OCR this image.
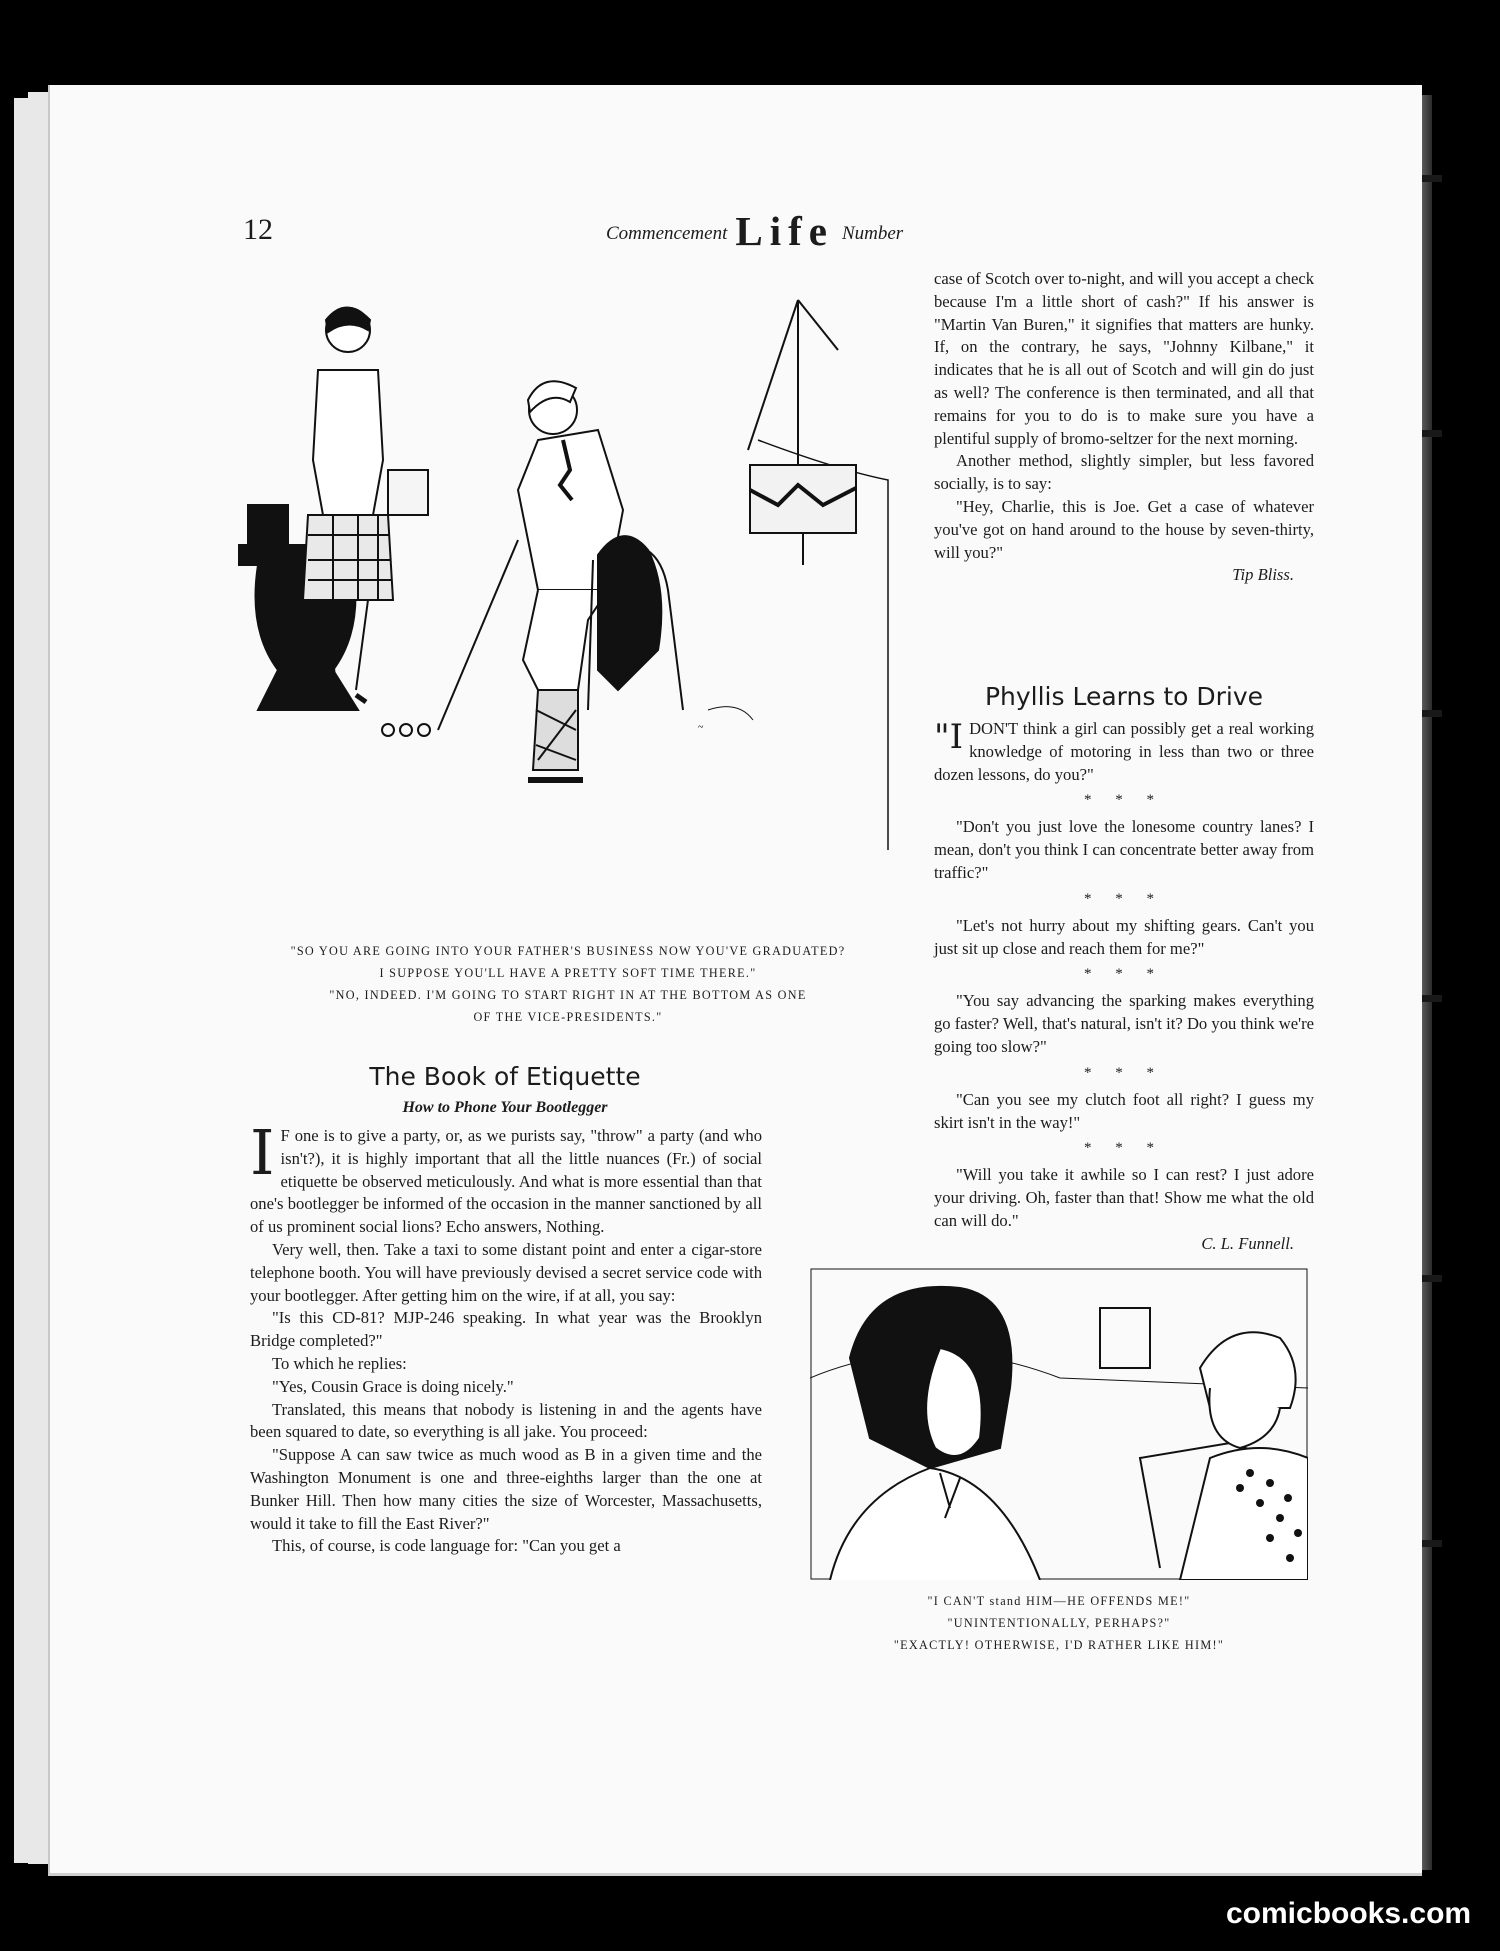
12	Commencement Life Number
~
"SO YOU ARE GOING INTO YOUR FATHER'S BUSINESS NOW YOU'VE GRADUATED?
I SUPPOSE YOU'LL HAVE A PRETTY SOFT TIME THERE."
"NO, INDEED. I'M GOING TO START RIGHT IN AT THE BOTTOM AS ONE
OF THE VICE-PRESIDENTS."
The Book of Etiquette
How to Phone Your Bootlegger

I F one is to give a party, or, as we purists say, "throw" a party (and who isn't?), it is highly important that all the little nuances (Fr.) of social etiquette be observed meticulously. And what is more essential than that one's bootlegger be informed of the occasion in the manner sanctioned by all of us prominent social lions? Echo answers, Nothing.

Very well, then. Take a taxi to some distant point and enter a cigar-store telephone booth. You will have previously devised a secret service code with your bootlegger. After getting him on the wire, if at all, you say:

"Is this CD-81? MJP-246 speaking. In what year was the Brooklyn Bridge completed?"

To which he replies:

"Yes, Cousin Grace is doing nicely."

Translated, this means that nobody is listening in and the agents have been squared to date, so everything is all jake. You proceed:

"Suppose A can saw twice as much wood as B in a given time and the Washington Monument is one and three-eighths larger than the one at Bunker Hill. Then how many cities the size of Worcester, Massachusetts, would it take to fill the East River?"

This, of course, is code language for: "Can you get a

case of Scotch over to-night, and will you accept a check because I'm a little short of cash?" If his answer is "Martin Van Buren," it signifies that matters are hunky. If, on the contrary, he says, "Johnny Kilbane," it indicates that he is all out of Scotch and will gin do just as well? The conference is then terminated, and all that remains for you to do is to make sure you have a plentiful supply of bromo-seltzer for the next morning.

Another method, slightly simpler, but less favored socially, is to say:

"Hey, Charlie, this is Joe. Get a case of whatever you've got on hand around to the house by seven-thirty, will you?"

Tip Bliss.
Phyllis Learns to Drive

"IDON'T think a girl can possibly get a real working knowledge of motoring in less than two or three dozen lessons, do you?"

* * *

"Don't you just love the lonesome country lanes? I mean, don't you think I can concentrate better away from traffic?"

* * *

"Let's not hurry about my shifting gears. Can't you just sit up close and reach them for me?"

* * *

"You say advancing the sparking makes everything go faster? Well, that's natural, isn't it? Do you think we're going too slow?"

* * *

"Can you see my clutch foot all right? I guess my skirt isn't in the way!"

* * *

"Will you take it awhile so I can rest? I just adore your driving. Oh, faster than that! Show me what the old can will do."

C. L. Funnell.
"I CAN'T stand HIM—HE OFFENDS ME!"
"UNINTENTIONALLY, PERHAPS?"
"EXACTLY! OTHERWISE, I'D RATHER LIKE HIM!"
comicbooks.com
